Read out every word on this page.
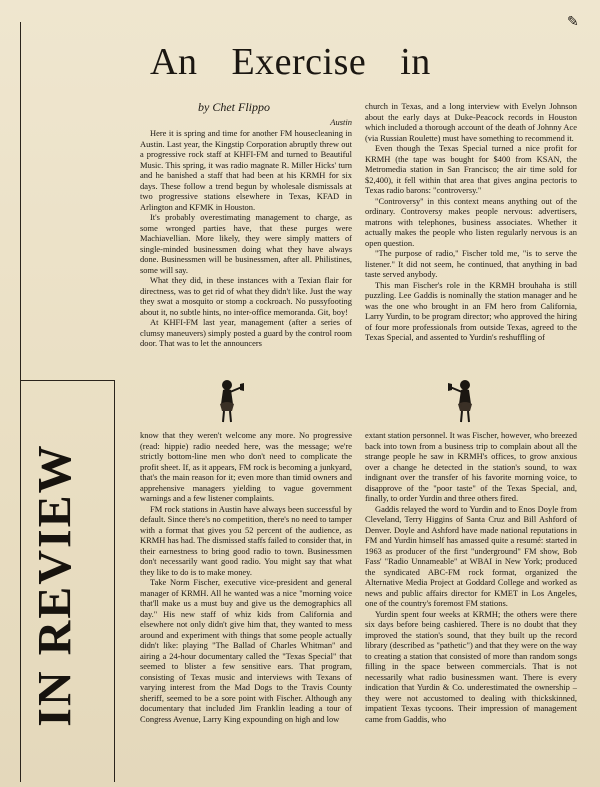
✎
An Exercise in
by Chet Flippo
Austin

Here it is spring and time for another FM housecleaning in Austin. Last year, the Kingstip Corporation abruptly threw out a progressive rock staff at KHFI-FM and turned to Beautiful Music. This spring, it was radio magnate R. Miller Hicks' turn and he banished a staff that had been at his KRMH for six days. These follow a trend begun by wholesale dismissals at two progressive stations elsewhere in Texas, KFAD in Arlington and KFMK in Houston.

It's probably overestimating management to charge, as some wronged parties have, that these purges were Machiavellian. More likely, they were simply matters of single-minded businessmen doing what they have always done. Businessmen will be businessmen, after all. Philistines, some will say.

What they did, in these instances with a Texian flair for directness, was to get rid of what they didn't like. Just the way they swat a mosquito or stomp a cockroach. No pussyfooting about it, no subtle hints, no inter-office memoranda. Git, boy!

At KHFI-FM last year, management (after a series of clumsy maneuvers) simply posted a guard by the control room door. That was to let the announcers

church in Texas, and a long interview with Evelyn Johnson about the early days at Duke-Peacock records in Houston which included a thorough account of the death of Johnny Ace (via Russian Roulette) must have something to recommend it.

Even though the Texas Special turned a nice profit for KRMH (the tape was bought for $400 from KSAN, the Metromedia station in San Francisco; the air time sold for $2,400), it fell within that area that gives angina pectoris to Texas radio barons: "controversy."

"Controversy" in this context means anything out of the ordinary. Controversy makes people nervous: advertisers, matrons with telephones, business associates. Whether it actually makes the people who listen regularly nervous is an open question.

"The purpose of radio," Fischer told me, "is to serve the listener." It did not seem, he continued, that anything in bad taste served anybody.

This man Fischer's role in the KRMH brouhaha is still puzzling. Lee Gaddis is nominally the station manager and he was the one who brought in an FM hero from California, Larry Yurdin, to be program director; who approved the hiring of four more professionals from outside Texas, agreed to the Texas Special, and assented to Yurdin's reshuffling of

know that they weren't welcome any more. No progressive (read: hippie) radio needed here, was the message; we're strictly bottom-line men who don't need to complicate the profit sheet. If, as it appears, FM rock is becoming a junkyard, that's the main reason for it; even more than timid owners and apprehensive managers yielding to vague government warnings and a few listener complaints.

FM rock stations in Austin have always been successful by default. Since there's no competition, there's no need to tamper with a format that gives you 52 percent of the audience, as KRMH has had. The dismissed staffs failed to consider that, in their earnestness to bring good radio to town. Businessmen don't necessarily want good radio. You might say that what they like to do is to make money.

Take Norm Fischer, executive vice-president and general manager of KRMH. All he wanted was a nice "morning voice that'll make us a must buy and give us the demographics all day." His new staff of whiz kids from California and elsewhere not only didn't give him that, they wanted to mess around and experiment with things that some people actually didn't like: playing "The Ballad of Charles Whitman" and airing a 24-hour documentary called the "Texas Special" that seemed to blister a few sensitive ears. That program, consisting of Texas music and interviews with Texans of varying interest from the Mad Dogs to the Travis County sheriff, seemed to be a sore point with Fischer. Although any documentary that included Jim Franklin leading a tour of Congress Avenue, Larry King expounding on high and low

extant station personnel. It was Fischer, however, who breezed back into town from a business trip to complain about all the strange people he saw in KRMH's offices, to grow anxious over a change he detected in the station's sound, to wax indignant over the transfer of his favorite morning voice, to disapprove of the "poor taste" of the Texas Special, and, finally, to order Yurdin and three others fired.

Gaddis relayed the word to Yurdin and to Enos Doyle from Cleveland, Terry Higgins of Santa Cruz and Bill Ashford of Denver. Doyle and Ashford have made national reputations in FM and Yurdin himself has amassed quite a resumé: started in 1963 as producer of the first "underground" FM show, Bob Fass' "Radio Unnameable" at WBAI in New York; produced the syndicated ABC-FM rock format, organized the Alternative Media Project at Goddard College and worked as news and public affairs director for KMET in Los Angeles, one of the country's foremost FM stations.

Yurdin spent four weeks at KRMH; the others were there six days before being cashiered. There is no doubt that they improved the station's sound, that they built up the record library (described as "pathetic") and that they were on the way to creating a station that consisted of more than random songs filling in the space between commercials. That is not necessarily what radio businessmen want. There is every indication that Yurdin & Co. underestimated the ownership – they were not accustomed to dealing with thickskinned, impatient Texas tycoons. Their impression of management came from Gaddis, who

IN REVIEW
